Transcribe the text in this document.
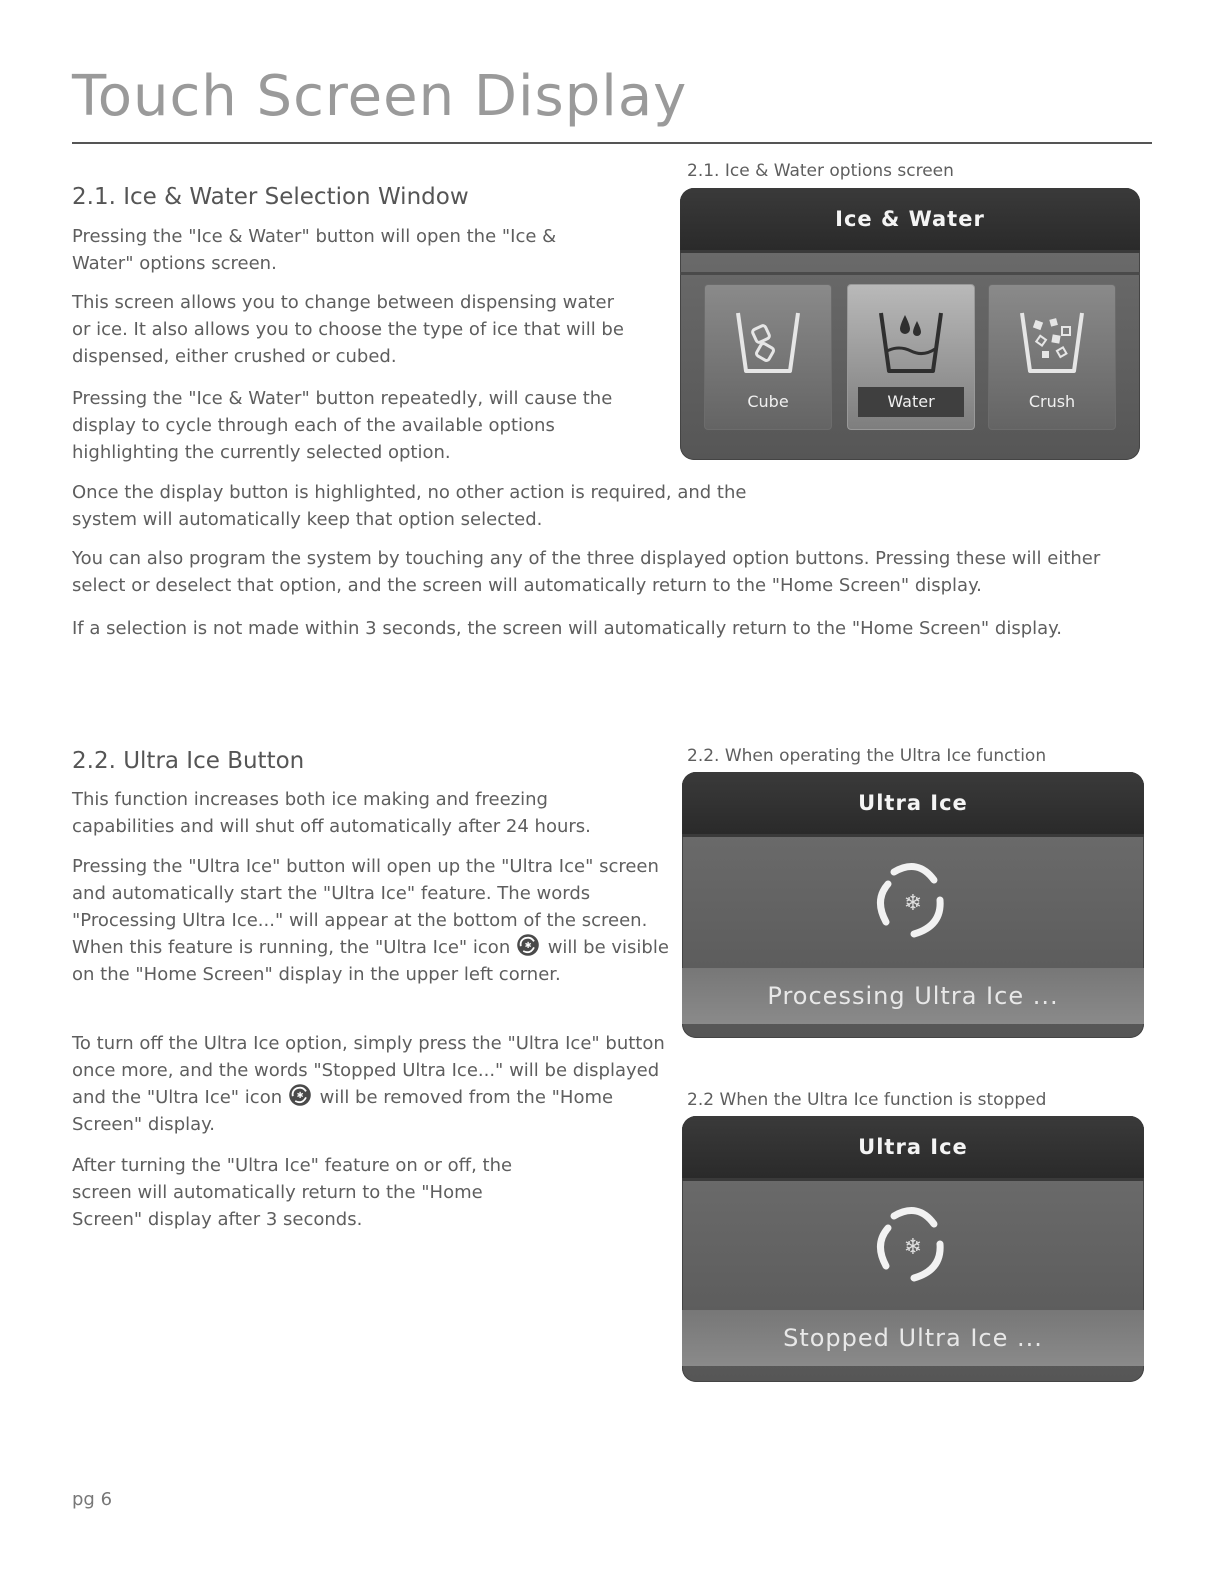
Touch Screen Display
2.1. Ice & Water Selection Window

Pressing the "Ice & Water" button will open the "Ice & Water" options screen.

This screen allows you to change between dispensing water or ice. It also allows you to choose the type of ice that will be dispensed, either crushed or cubed.

Pressing the "Ice & Water" button repeatedly, will cause the display to cycle through each of the available options highlighting the currently selected option.

Once the display button is highlighted, no other action is required, and the system will automatically keep that option selected.

You can also program the system by touching any of the three displayed option buttons. Pressing these will either select or deselect that option, and the screen will automatically return to the "Home Screen" display.

If a selection is not made within 3 seconds, the screen will automatically return to the "Home Screen" display.

2.1. Ice & Water options screen
Ice & Water
Cube	Water	Crush
2.2. Ultra Ice Button

This function increases both ice making and freezing capabilities and will shut off automatically after 24 hours.

Pressing the "Ultra Ice" button will open up the "Ultra Ice" screen and automatically start the "Ultra Ice" feature. The words "Processing Ultra Ice..." will appear at the bottom of the screen. When this feature is running, the "Ultra Ice" icon ✱ will be visible on the "Home Screen" display in the upper left corner.

To turn off the Ultra Ice option, simply press the "Ultra Ice" button once more, and the words "Stopped Ultra Ice..." will be displayed and the "Ultra Ice" icon ✱ will be removed from the "Home Screen" display.

After turning the "Ultra Ice" feature on or off, the screen will automatically return to the "Home Screen" display after 3 seconds.

2.2. When operating the Ultra Ice function
Ultra Ice
❄
Processing Ultra Ice ...
2.2 When the Ultra Ice function is stopped
Ultra Ice
❄
Stopped Ultra Ice ...
pg 6
